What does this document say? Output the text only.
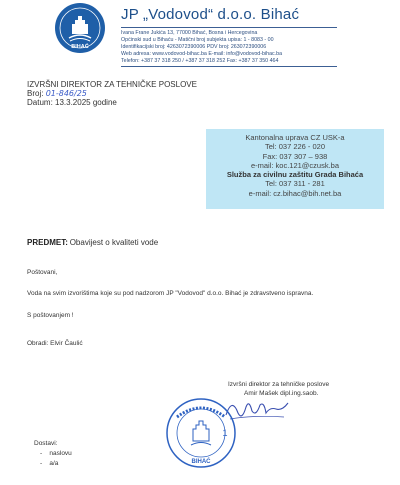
BIHAĆ
JP „Vodovod“ d.o.o. Bihać
Ivana Frane Jukića 13, 77000 Bihać, Bosna i Hercegovina
Općinski sud u Bihaću - Matični broj subjekta upisa: 1 - 8083 - 00
Identifikacijski broj: 4263072390006 PDV broj: 263072390006
Web adresa: www.vodovod-bihac.ba E-mail: info@vodovod-bihac.ba
Telefon: +387 37 318 250 / +387 37 318 252 Fax: +387 37 350 464
IZVRŠNI DIREKTOR ZA TEHNIČKE POSLOVE
Broj: 01-846/25
Datum: 13.3.2025 godine
Kantonalna uprava CZ USK-a
Tel: 037 226 - 020
Fax: 037 307 – 938
e-mail: koc.121@czusk.ba
Služba za civilnu zaštitu Grada Bihaća
Tel: 037 311 - 281
e-mail: cz.bihac@bih.net.ba
PREDMET: Obavijest o kvaliteti vode
Poštovani,
Voda na svim izvorištima koje su pod nadzorom JP "Vodovod" d.o.o. Bihać je zdravstveno ispravna.
S poštovanjem !
Obradi: Elvir Čaulić
Izvršni direktor za tehničke poslove
Amir Mašek dipl.ing.saob.
1
BIHAĆ
Dostavi:
-    naslovu
-    a/a
